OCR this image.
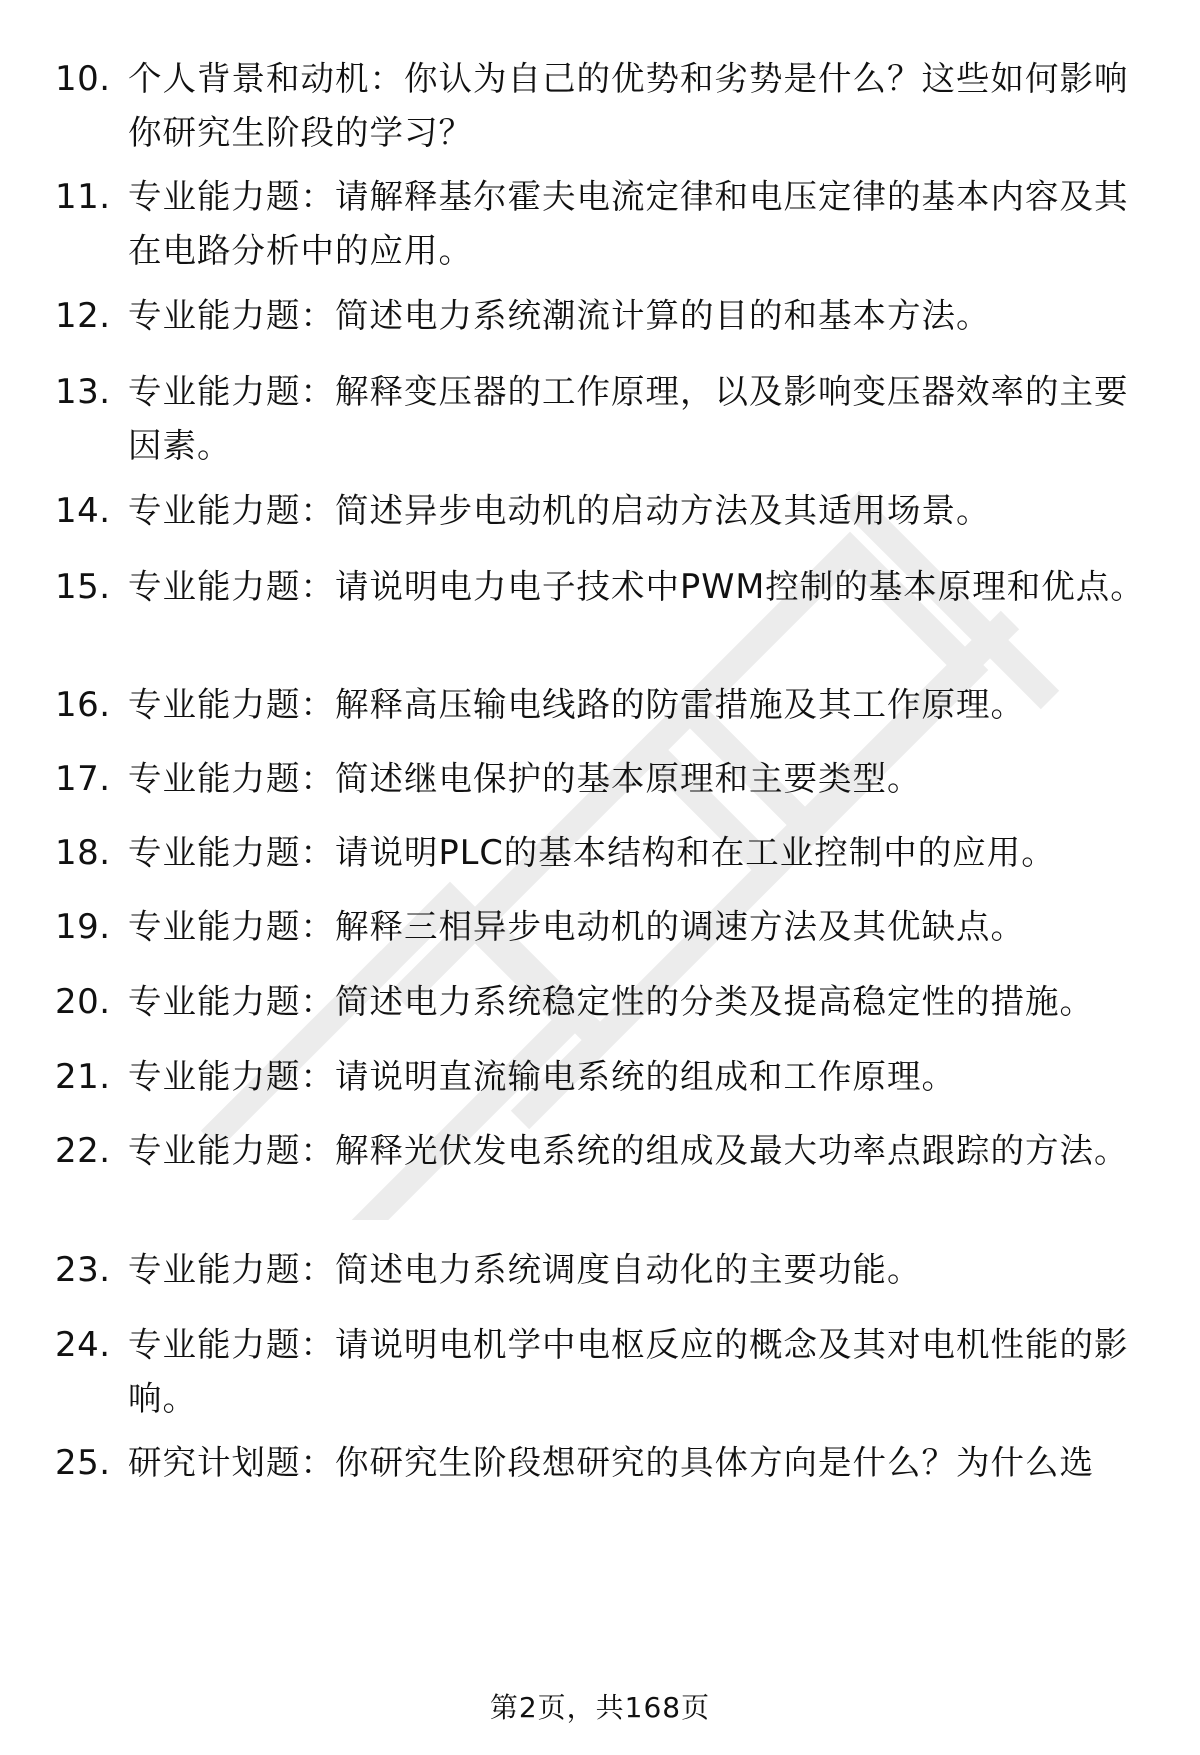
10. 个人背景和动机：你认为自己的优势和劣势是什么？这些如何影响你研究生阶段的学习？
11. 专业能力题：请解释基尔霍夫电流定律和电压定律的基本内容及其在电路分析中的应用。
12. 专业能力题：简述电力系统潮流计算的目的和基本方法。
13. 专业能力题：解释变压器的工作原理，以及影响变压器效率的主要因素。
14. 专业能力题：简述异步电动机的启动方法及其适用场景。
15. 专业能力题：请说明电力电子技术中PWM控制的基本原理和优点。
16. 专业能力题：解释高压输电线路的防雷措施及其工作原理。
17. 专业能力题：简述继电保护的基本原理和主要类型。
18. 专业能力题：请说明PLC的基本结构和在工业控制中的应用。
19. 专业能力题：解释三相异步电动机的调速方法及其优缺点。
20. 专业能力题：简述电力系统稳定性的分类及提高稳定性的措施。
21. 专业能力题：请说明直流输电系统的组成和工作原理。
22. 专业能力题：解释光伏发电系统的组成及最大功率点跟踪的方法。
23. 专业能力题：简述电力系统调度自动化的主要功能。
24. 专业能力题：请说明电机学中电枢反应的概念及其对电机性能的影响。
25. 研究计划题：你研究生阶段想研究的具体方向是什么？为什么选
第2页，共168页
